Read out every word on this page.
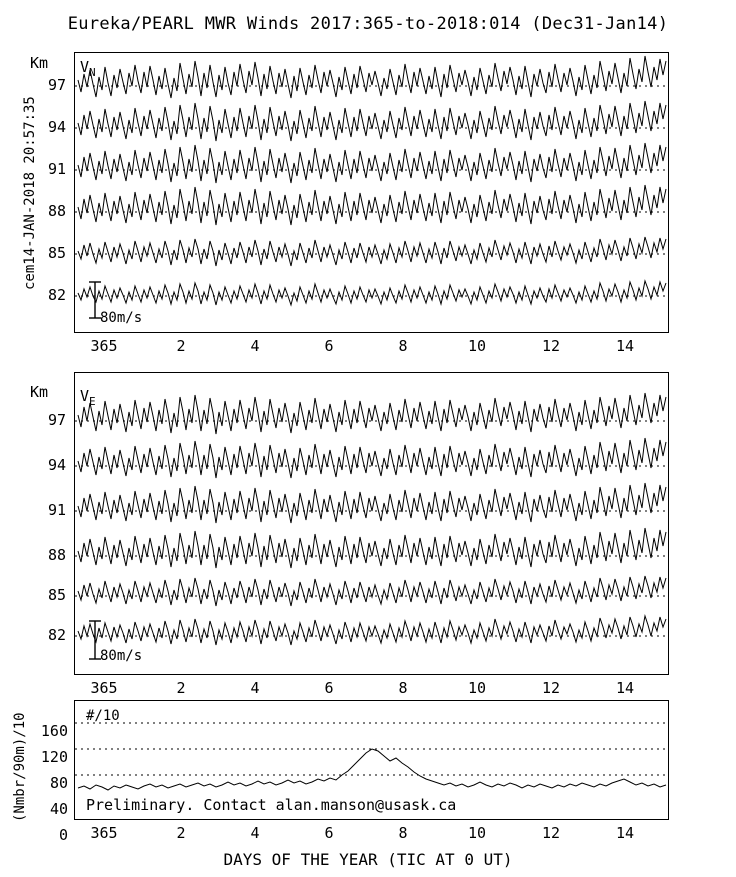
Eureka/PEARL MWR Winds 2017:365-to-2018:014 (Dec31-Jan14)
cem14-JAN-2018 20:57:35
Km $V_N$
97
94
91
88
85
82
80m/s
365	2	4	6	8	10	12	14
Km $V_E$
97
94
91
88
85
82
80m/s
365	2	4	6	8	10	12	14
(Nmbr/90m)/10 160
120
80
40
0
#/10
Preliminary. Contact alan.manson@usask.ca
365	2	4	6	8	10	12	14
DAYS OF THE YEAR (TIC AT 0 UT)
